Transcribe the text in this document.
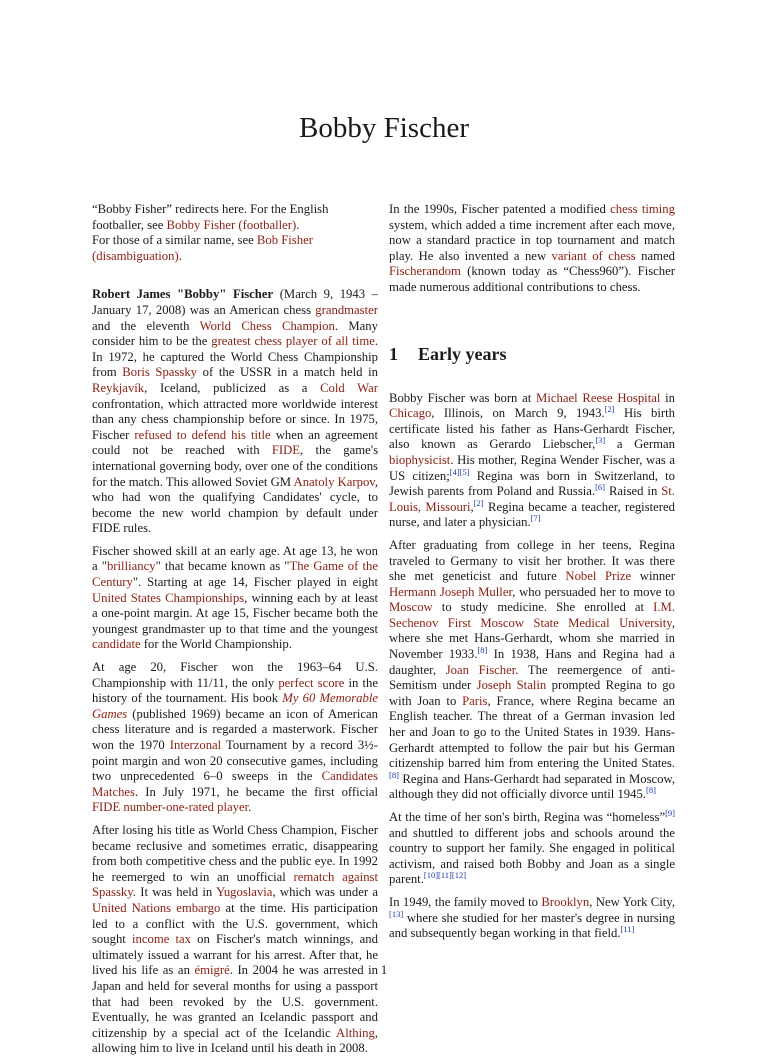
Bobby Fischer

“Bobby Fisher” redirects here. For the English footballer, see Bobby Fisher (footballer).

For those of a similar name, see Bob Fisher (disambiguation).

Robert James "Bobby" Fischer (March 9, 1943 – January 17, 2008) was an American chess grandmaster and the eleventh World Chess Champion. Many consider him to be the greatest chess player of all time. In 1972, he captured the World Chess Championship from Boris Spassky of the USSR in a match held in Reykjavík, Iceland, publicized as a Cold War confrontation, which attracted more worldwide interest than any chess championship before or since. In 1975, Fischer refused to defend his title when an agreement could not be reached with FIDE, the game's international governing body, over one of the conditions for the match. This allowed Soviet GM Anatoly Karpov, who had won the qualifying Candidates' cycle, to become the new world champion by default under FIDE rules.

Fischer showed skill at an early age. At age 13, he won a "brilliancy" that became known as "The Game of the Century". Starting at age 14, Fischer played in eight United States Championships, winning each by at least a one-point margin. At age 15, Fischer became both the youngest grandmaster up to that time and the youngest candidate for the World Championship.

At age 20, Fischer won the 1963–64 U.S. Championship with 11/11, the only perfect score in the history of the tournament. His book My 60 Memorable Games (published 1969) became an icon of American chess literature and is regarded a masterwork. Fischer won the 1970 Interzonal Tournament by a record 3½-point margin and won 20 consecutive games, including two unprecedented 6–0 sweeps in the Candidates Matches. In July 1971, he became the first official FIDE number-one-rated player.

After losing his title as World Chess Champion, Fischer became reclusive and sometimes erratic, disappearing from both competitive chess and the public eye. In 1992 he reemerged to win an unofficial rematch against Spassky. It was held in Yugoslavia, which was under a United Nations embargo at the time. His participation led to a conflict with the U.S. government, which sought income tax on Fischer's match winnings, and ultimately issued a warrant for his arrest. After that, he lived his life as an émigré. In 2004 he was arrested in Japan and held for several months for using a passport that had been revoked by the U.S. government. Eventually, he was granted an Icelandic passport and citizenship by a special act of the Icelandic Althing, allowing him to live in Iceland until his death in 2008.

In the 1990s, Fischer patented a modified chess timing system, which added a time increment after each move, now a standard practice in top tournament and match play. He also invented a new variant of chess named Fischerandom (known today as “Chess960”). Fischer made numerous additional contributions to chess.

1 Early years

Bobby Fischer was born at Michael Reese Hospital in Chicago, Illinois, on March 9, 1943.[2] His birth certificate listed his father as Hans-Gerhardt Fischer, also known as Gerardo Liebscher,[3] a German biophysicist. His mother, Regina Wender Fischer, was a US citizen;[4][5] Regina was born in Switzerland, to Jewish parents from Poland and Russia.[6] Raised in St. Louis, Missouri,[2] Regina became a teacher, registered nurse, and later a physician.[7]

After graduating from college in her teens, Regina traveled to Germany to visit her brother. It was there she met geneticist and future Nobel Prize winner Hermann Joseph Muller, who persuaded her to move to Moscow to study medicine. She enrolled at I.M. Sechenov First Moscow State Medical University, where she met Hans-Gerhardt, whom she married in November 1933.[8] In 1938, Hans and Regina had a daughter, Joan Fischer. The reemergence of anti-Semitism under Joseph Stalin prompted Regina to go with Joan to Paris, France, where Regina became an English teacher. The threat of a German invasion led her and Joan to go to the United States in 1939. Hans-Gerhardt attempted to follow the pair but his German citizenship barred him from entering the United States.[8] Regina and Hans-Gerhardt had separated in Moscow, although they did not officially divorce until 1945.[8]

At the time of her son's birth, Regina was “homeless”[9] and shuttled to different jobs and schools around the country to support her family. She engaged in political activism, and raised both Bobby and Joan as a single parent.[10][11][12]

In 1949, the family moved to Brooklyn, New York City,[13] where she studied for her master's degree in nursing and subsequently began working in that field.[11]

1
